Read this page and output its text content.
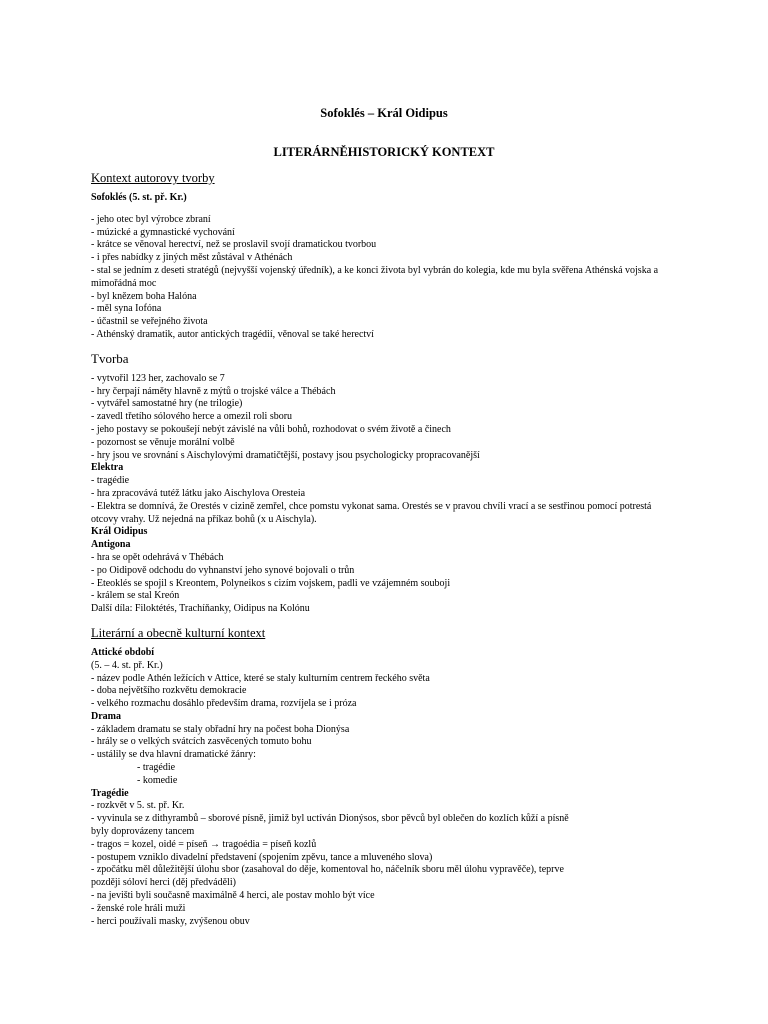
Sofoklés – Král Oidipus
LITERÁRNĚHISTORICKÝ KONTEXT
Kontext autorovy tvorby
Sofoklés (5. st. př. Kr.)
- jeho otec byl výrobce zbraní
- múzické a gymnastické vychování
- krátce se věnoval herectví, než se proslavil svojí dramatickou tvorbou
- i přes nabídky z jiných měst zůstával v Athénách
- stal se jedním z deseti stratégů (nejvyšší vojenský úředník), a ke konci života byl vybrán do kolegia, kde mu byla svěřena Athénská vojska a mimořádná moc
- byl knězem boha Halóna
- měl syna Iofóna
- účastnil se veřejného života
- Athénský dramatik, autor antických tragédií, věnoval se také herectví
Tvorba
- vytvořil 123 her, zachovalo se 7
- hry čerpají náměty hlavně z mýtů o trojské válce a Thébách
- vytvářel samostatné hry (ne trilogie)
- zavedl třetího sólového herce a omezil roli sboru
- jeho postavy se pokoušejí nebýt závislé na vůli bohů, rozhodovat o svém životě a činech
- pozornost se věnuje morální volbě
- hry jsou ve srovnání s Aischylovými dramatičtější, postavy jsou psychologicky propracovanější
Elektra
- tragédie
- hra zpracovává tutéž látku jako Aischylova Oresteia
- Elektra se domnívá, že Orestés v cizině zemřel, chce pomstu vykonat sama. Orestés se v pravou chvíli vrací a se sestřinou pomocí potrestá otcovy vrahy. Už nejedná na příkaz bohů (x u Aischyla).
Král Oidipus
Antigona
- hra se opět odehrává v Thébách
- po Oidipově odchodu do vyhnanství jeho synové bojovali o trůn
- Eteoklés se spojil s Kreontem, Polyneikos s cizím vojskem, padli ve vzájemném souboji
- králem se stal Kreón
Další díla: Filoktétés, Trachíňanky, Oidipus na Kolónu
Literární a obecně kulturní kontext
Attické období
(5. – 4. st. př. Kr.)
- název podle Athén ležících v Attice, které se staly kulturním centrem řeckého světa
- doba největšího rozkvětu demokracie
- velkého rozmachu dosáhlo především drama, rozvíjela se i próza
Drama
- základem dramatu se staly obřadní hry na počest boha Dionýsa
- hrály se o velkých svátcích zasvěcených tomuto bohu
- ustálily se dva hlavní dramatické žánry:
- tragédie
- komedie
Tragédie
- rozkvět v 5. st. př. Kr.
- vyvinula se z dithyrambů – sborové písně, jimiž byl uctíván Dionýsos, sbor pěvců byl oblečen do kozlích kůží a písně byly doprovázeny tancem
- tragos = kozel, oidé = píseň → tragoédia = píseň kozlů
- postupem vzniklo divadelní představení (spojením zpěvu, tance a mluveného slova)
- zpočátku měl důležitější úlohu sbor (zasahoval do děje, komentoval ho, náčelník sboru měl úlohu vypravěče), teprve později sóloví herci (děj předváděli)
- na jevišti byli současně maximálně 4 herci, ale postav mohlo být více
- ženské role hráli muži
- herci používali masky, zvýšenou obuv
